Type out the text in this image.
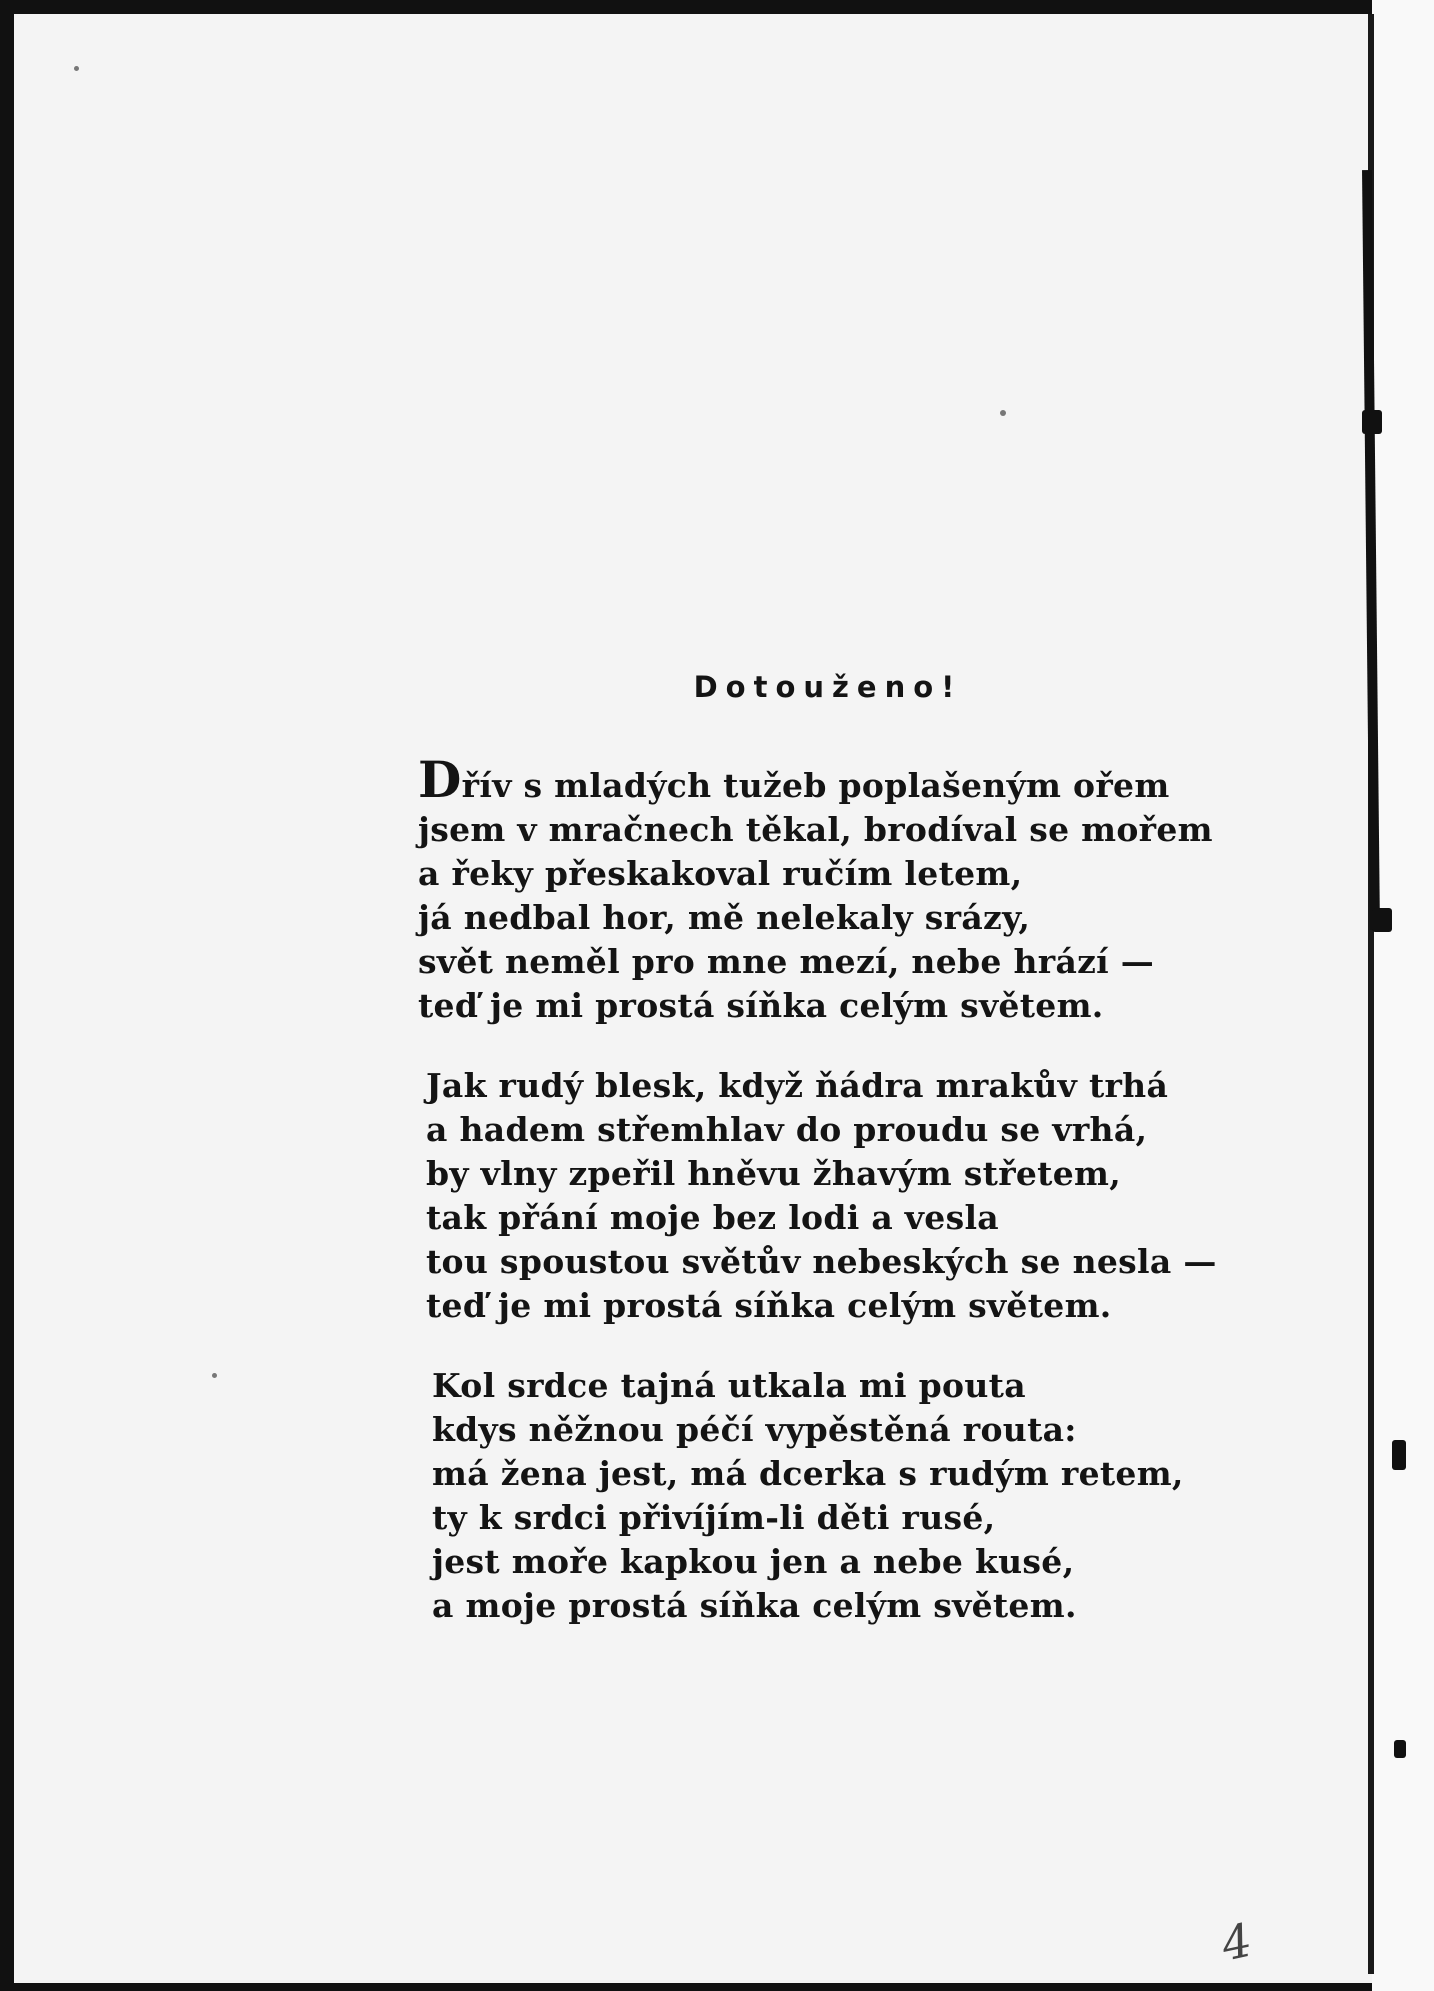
4
Dotouženo!
Dřív s mladých tužeb poplašeným ořem
jsem v mračnech těkal, brodíval se mořem
a řeky přeskakoval ručím letem,
já nedbal hor, mě nelekaly srázy,
svět neměl pro mne mezí, nebe hrází —
teď je mi prostá síňka celým světem.
Jak rudý blesk, když ňádra mrakův trhá
a hadem střemhlav do proudu se vrhá,
by vlny zpeřil hněvu žhavým střetem,
tak přání moje bez lodi a vesla
tou spoustou světův nebeských se nesla —
teď je mi prostá síňka celým světem.
Kol srdce tajná utkala mi pouta
kdys něžnou péčí vypěstěná routa:
má žena jest, má dcerka s rudým retem,
ty k srdci přivíjím-li děti rusé,
jest moře kapkou jen a nebe kusé,
a moje prostá síňka celým světem.
